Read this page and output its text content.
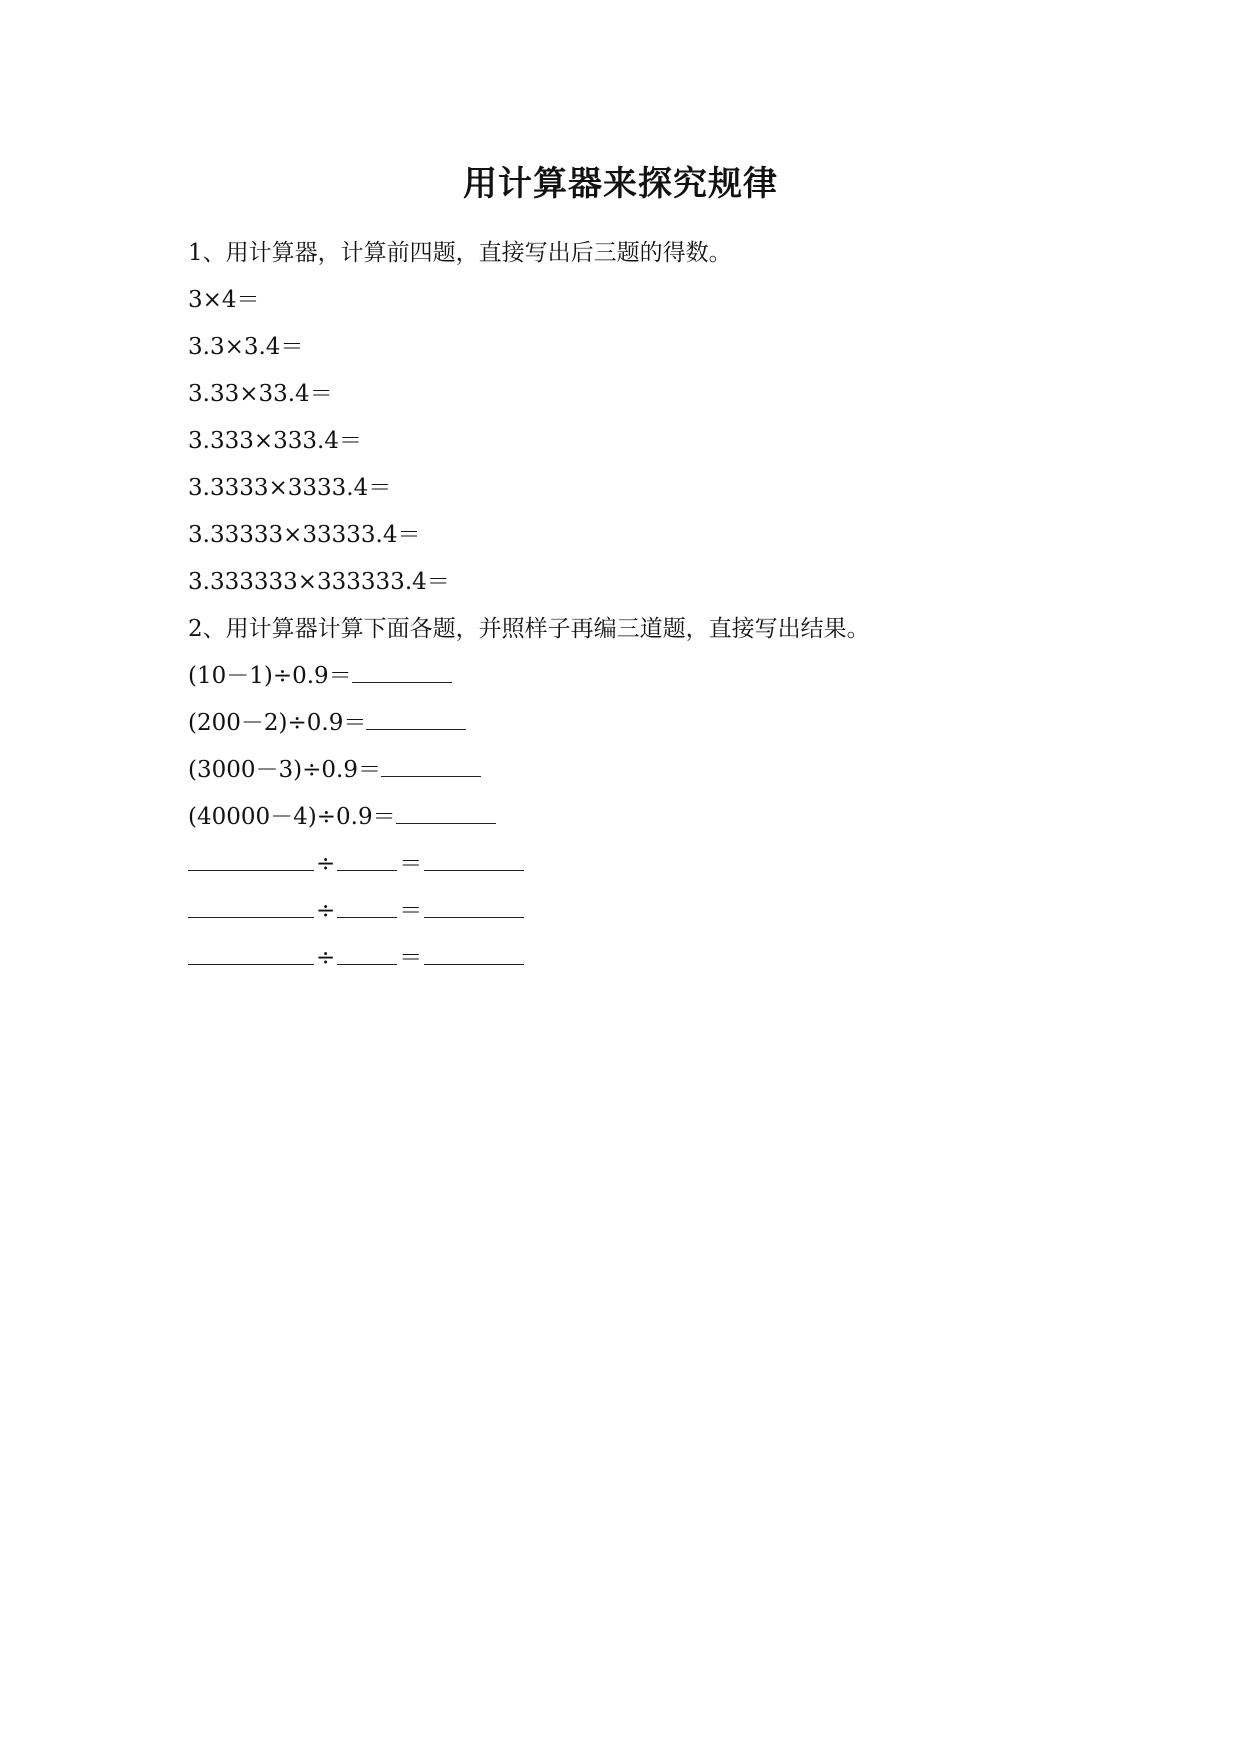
用计算器来探究规律
1、用计算器，计算前四题，直接写出后三题的得数。
3×4＝
3.3×3.4＝
3.33×33.4＝
3.333×333.4＝
3.3333×3333.4＝
3.33333×33333.4＝
3.333333×333333.4＝
2、用计算器计算下面各题，并照样子再编三道题，直接写出结果。
(10－1)÷0.9＝
(200－2)÷0.9＝
(3000－3)÷0.9＝
(40000－4)÷0.9＝
÷	＝
÷	＝
÷	＝
